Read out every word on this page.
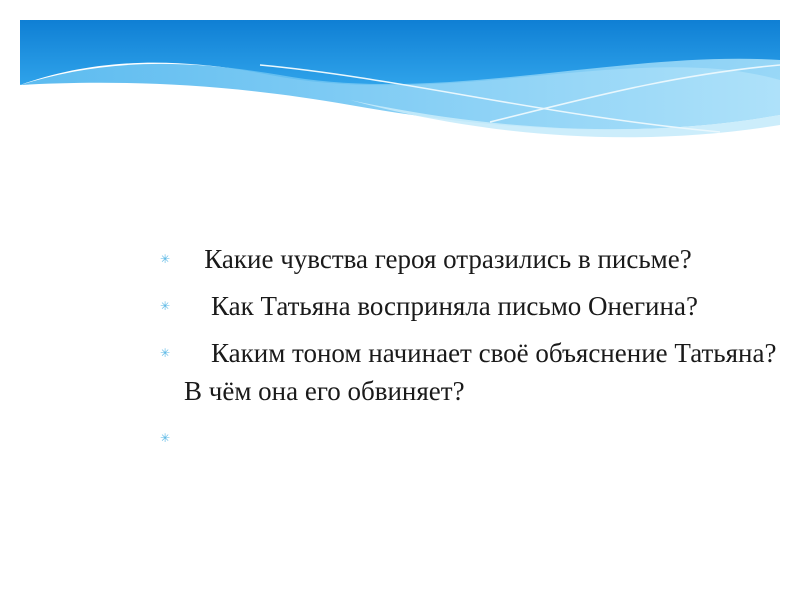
✳ Какие чувства героя отразились в письме?
✳ Как Татьяна восприняла письмо Онегина?
✳ Каким тоном начинает своё объяснение Татьяна? В чём она его обвиняет?
✳
